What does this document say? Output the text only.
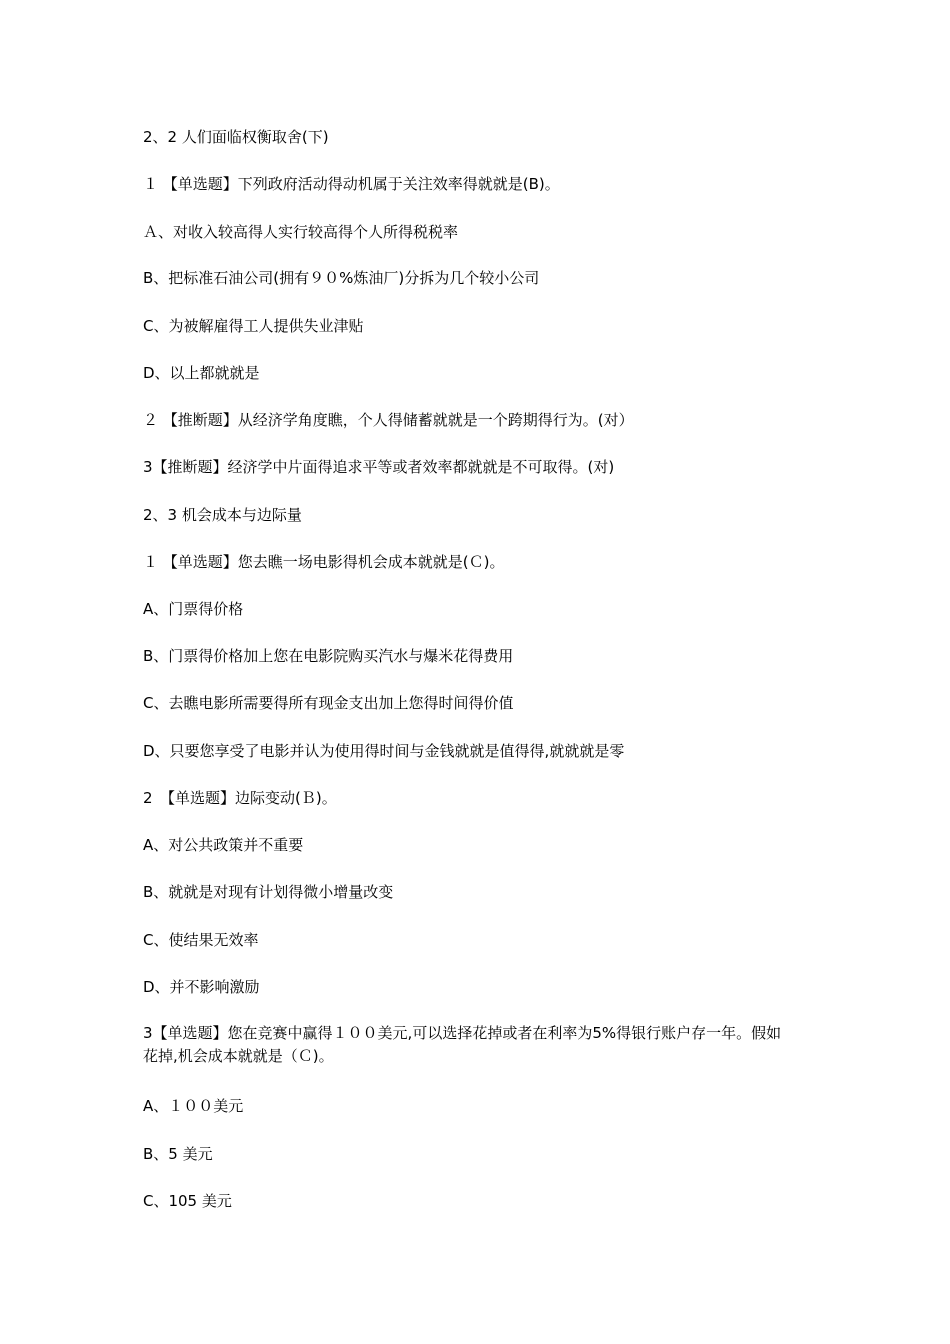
2、2 人们面临权衡取舍(下)
１ 【单选题】下列政府活动得动机属于关注效率得就就是(B)。
Ａ、对收入较高得人实行较高得个人所得税税率
B、把标准石油公司(拥有９０%炼油厂)分拆为几个较小公司
C、为被解雇得工人提供失业津贴
D、以上都就就是
２ 【推断题】从经济学角度瞧，个人得储蓄就就是一个跨期得行为。(对）
3【推断题】经济学中片面得追求平等或者效率都就就是不可取得。(对)
2、3 机会成本与边际量
１ 【单选题】您去瞧一场电影得机会成本就就是(Ｃ)。
A、门票得价格
B、门票得价格加上您在电影院购买汽水与爆米花得费用
C、去瞧电影所需要得所有现金支出加上您得时间得价值
D、只要您享受了电影并认为使用得时间与金钱就就是值得得,就就就是零
2　【单选题】边际变动(Ｂ)。
A、对公共政策并不重要
B、就就是对现有计划得微小增量改变
C、使结果无效率
D、并不影响激励
3【单选题】您在竞赛中赢得１００美元,可以选择花掉或者在利率为5%得银行账户存一年。假如花掉,机会成本就就是（Ｃ)。
A、１００美元
B、5 美元
C、105 美元
